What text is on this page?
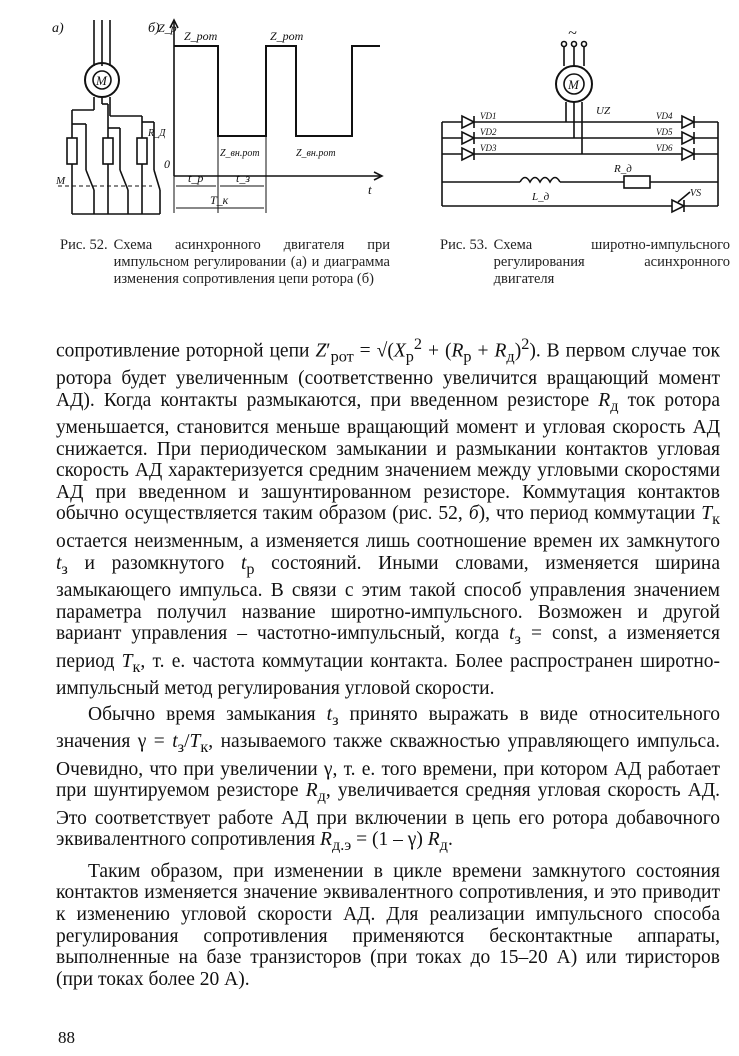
а)
М
М
R_Д
б)
Z_p
t
0
Z_рот	Z_рот
Z_вн.рот	Z_вн.рот
t_р	t_з
Т_к
~
М
UZ
VD1
VD2
VD3
VD4
VD5
VD6
L_д
R_д
VS
Рис. 52. Схема асинхронного двигателя при импульсном регулировании (а) и диаграмма изменения сопротивления цепи ротора (б)
Рис. 53. Схема широтно-импульсного регулирования асинхронного двигателя

сопротивление роторной цепи $Z'_{рот} = √(X_р^2 + (R_р + R_д)^2)$. В первом случае ток ротора будет увеличенным (соответственно увеличится вращающий момент АД). Когда контакты размыкаются, при введенном резисторе $R_д$ ток ротора уменьшается, становится меньше вращающий момент и угловая скорость АД снижается. При периодическом замыкании и размыкании контактов угловая скорость АД характеризуется средним значением между угловыми скоростями АД при введенном и зашунтированном резисторе. Коммутация контактов обычно осуществляется таким образом (рис. 52, б), что период коммутации $T_к$ остается неизменным, а изменяется лишь соотношение времен их замкнутого $t_з$ и разомкнутого $t_р$ состояний. Иными словами, изменяется ширина замыкающего импульса. В связи с этим такой способ управления значением параметра получил название широтно-импульсного. Возможен и другой вариант управления – частотно-импульсный, когда $t_з$ = const, а изменяется период $T_к$, т. е. частота коммутации контакта. Более распространен широтно-импульсный метод регулирования угловой скорости.

Обычно время замыкания $t_з$ принято выражать в виде относительного значения $\gamma = t_з/T_к$, называемого также скважностью управляющего импульса. Очевидно, что при увеличении γ, т. е. того времени, при котором АД работает при шунтируемом резисторе $R_д$, увеличивается средняя угловая скорость АД. Это соответствует работе АД при включении в цепь его ротора добавочного эквивалентного сопротивления $R_{д.э} = (1 - \gamma)$ $R_д$.

Таким образом, при изменении в цикле времени замкнутого состояния контактов изменяется значение эквивалентного сопротивления, и это приводит к изменению угловой скорости АД. Для реализации импульсного способа регулирования сопротивления применяются бесконтактные аппараты, выполненные на базе транзисторов (при токах до 15–20 А) или тиристоров (при токах более 20 А).

88
